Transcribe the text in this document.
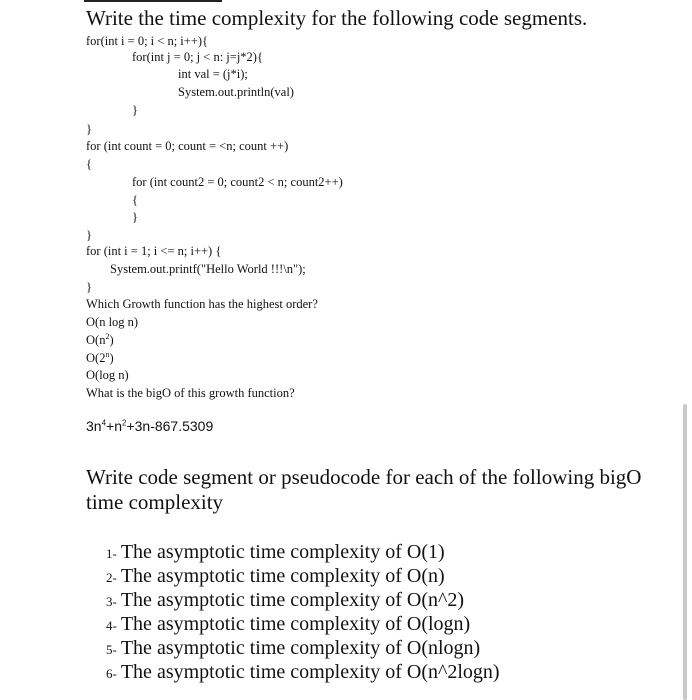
Write the time complexity for the following code segments.
for(int i = 0; i < n; i++){
for(int j = 0; j < n: j=j*2){
int val = (j*i);
System.out.println(val)
}
}
for (int count = 0; count = <n; count ++)
{
for (int count2 = 0; count2 < n; count2++)
{
}
}
for (int i = 1; i <= n; i++) {
System.out.printf("Hello World !!!\n");
}
Which Growth function has the highest order?
O(n log n)
$O(n^2)$
O(2$^n$)
O(log n)
What is the bigO of this growth function?
$3n^4+n^2+3n-867.5309$
Write code segment or pseudocode for each of the following bigO
time complexity
1- The asymptotic time complexity of O(1)
2- The asymptotic time complexity of O(n)
3- The asymptotic time complexity of O(n^2)
4- The asymptotic time complexity of O(logn)
5- The asymptotic time complexity of O(nlogn)
6- The asymptotic time complexity of O(n^2logn)
